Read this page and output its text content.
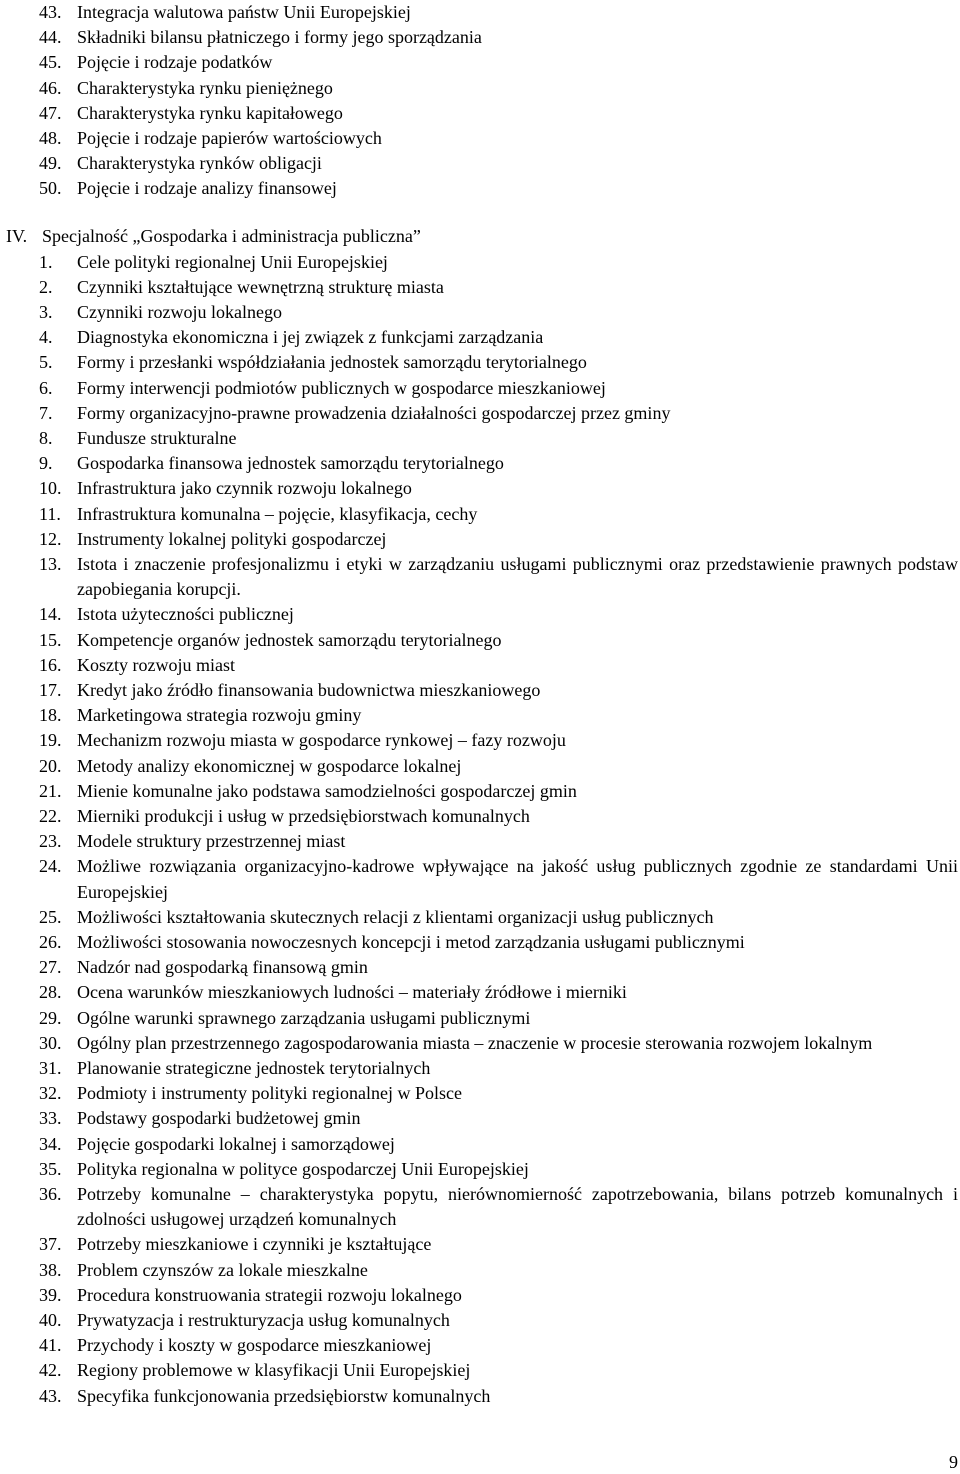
43. Integracja walutowa państw Unii Europejskiej
44. Składniki bilansu płatniczego i formy jego sporządzania
45. Pojęcie i rodzaje podatków
46. Charakterystyka rynku pieniężnego
47. Charakterystyka rynku kapitałowego
48. Pojęcie i rodzaje papierów wartościowych
49. Charakterystyka rynków obligacji
50. Pojęcie i rodzaje analizy finansowej
IV. Specjalność „Gospodarka i administracja publiczna”
1. Cele polityki regionalnej Unii Europejskiej
2. Czynniki kształtujące wewnętrzną strukturę miasta
3. Czynniki rozwoju lokalnego
4. Diagnostyka ekonomiczna i jej związek z funkcjami zarządzania
5. Formy i przesłanki współdziałania jednostek samorządu terytorialnego
6. Formy interwencji podmiotów publicznych w gospodarce mieszkaniowej
7. Formy organizacyjno-prawne prowadzenia działalności gospodarczej przez gminy
8. Fundusze strukturalne
9. Gospodarka finansowa jednostek samorządu terytorialnego
10. Infrastruktura jako czynnik rozwoju lokalnego
11. Infrastruktura komunalna – pojęcie, klasyfikacja, cechy
12. Instrumenty lokalnej polityki gospodarczej
13. Istota i znaczenie profesjonalizmu i etyki w zarządzaniu usługami publicznymi oraz przedstawienie prawnych podstaw zapobiegania korupcji.
14. Istota użyteczności publicznej
15. Kompetencje organów jednostek samorządu terytorialnego
16. Koszty rozwoju miast
17. Kredyt jako źródło finansowania budownictwa mieszkaniowego
18. Marketingowa strategia rozwoju gminy
19. Mechanizm rozwoju miasta w gospodarce rynkowej – fazy rozwoju
20. Metody analizy ekonomicznej w gospodarce lokalnej
21. Mienie komunalne jako podstawa samodzielności gospodarczej gmin
22. Mierniki produkcji i usług w przedsiębiorstwach komunalnych
23. Modele struktury przestrzennej miast
24. Możliwe rozwiązania organizacyjno-kadrowe wpływające na jakość usług publicznych zgodnie ze standardami Unii Europejskiej
25. Możliwości kształtowania skutecznych relacji z klientami organizacji usług publicznych
26. Możliwości stosowania nowoczesnych koncepcji i metod zarządzania usługami publicznymi
27. Nadzór nad gospodarką finansową gmin
28. Ocena warunków mieszkaniowych ludności – materiały źródłowe i mierniki
29. Ogólne warunki sprawnego zarządzania usługami publicznymi
30. Ogólny plan przestrzennego zagospodarowania miasta – znaczenie w procesie sterowania rozwojem lokalnym
31. Planowanie strategiczne jednostek terytorialnych
32. Podmioty i instrumenty polityki regionalnej w Polsce
33. Podstawy gospodarki budżetowej gmin
34. Pojęcie gospodarki lokalnej i samorządowej
35. Polityka regionalna w polityce gospodarczej Unii Europejskiej
36. Potrzeby komunalne – charakterystyka popytu, nierównomierność zapotrzebowania, bilans potrzeb komunalnych i zdolności usługowej urządzeń komunalnych
37. Potrzeby mieszkaniowe i czynniki je kształtujące
38. Problem czynszów za lokale mieszkalne
39. Procedura konstruowania strategii rozwoju lokalnego
40. Prywatyzacja i restrukturyzacja usług komunalnych
41. Przychody i koszty w gospodarce mieszkaniowej
42. Regiony problemowe w klasyfikacji Unii Europejskiej
43. Specyfika funkcjonowania przedsiębiorstw komunalnych
9
